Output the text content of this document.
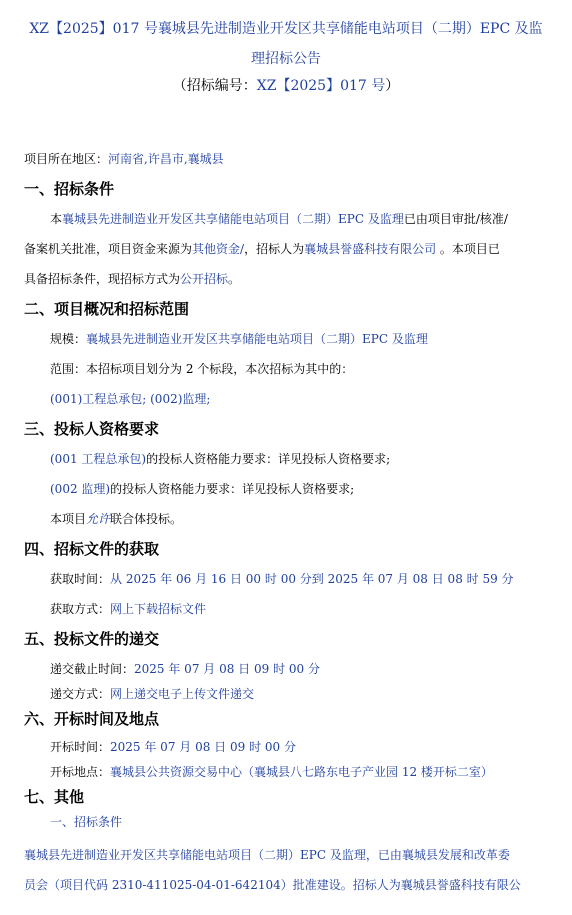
XZ【2025】017 号襄城县先进制造业开发区共享储能电站项目（二期）EPC 及监
理招标公告
（招标编号：XZ【2025】017 号）
项目所在地区：河南省,许昌市,襄城县
一、招标条件
本襄城县先进制造业开发区共享储能电站项目（二期）EPC 及监理已由项目审批/核准/
备案机关批准，项目资金来源为其他资金/，招标人为襄城县誉盛科技有限公司 。本项目已
具备招标条件，现招标方式为公开招标。
二、项目概况和招标范围
规模：襄城县先进制造业开发区共享储能电站项目（二期）EPC 及监理
范围：本招标项目划分为 2 个标段，本次招标为其中的：
(001)工程总承包; (002)监理;
三、投标人资格要求
(001 工程总承包)的投标人资格能力要求：详见投标人资格要求;
(002 监理)的投标人资格能力要求：详见投标人资格要求;
本项目允许联合体投标。
四、招标文件的获取
获取时间：从 2025 年 06 月 16 日 00 时 00 分到 2025 年 07 月 08 日 08 时 59 分
获取方式：网上下载招标文件
五、投标文件的递交
递交截止时间：2025 年 07 月 08 日 09 时 00 分
递交方式：网上递交电子上传文件递交
六、开标时间及地点
开标时间：2025 年 07 月 08 日 09 时 00 分
开标地点：襄城县公共资源交易中心（襄城县八七路东电子产业园 12 楼开标二室）
七、其他
一、招标条件
襄城县先进制造业开发区共享储能电站项目（二期）EPC 及监理，已由襄城县发展和改革委
员会（项目代码 2310-411025-04-01-642104）批准建设。招标人为襄城县誉盛科技有限公
